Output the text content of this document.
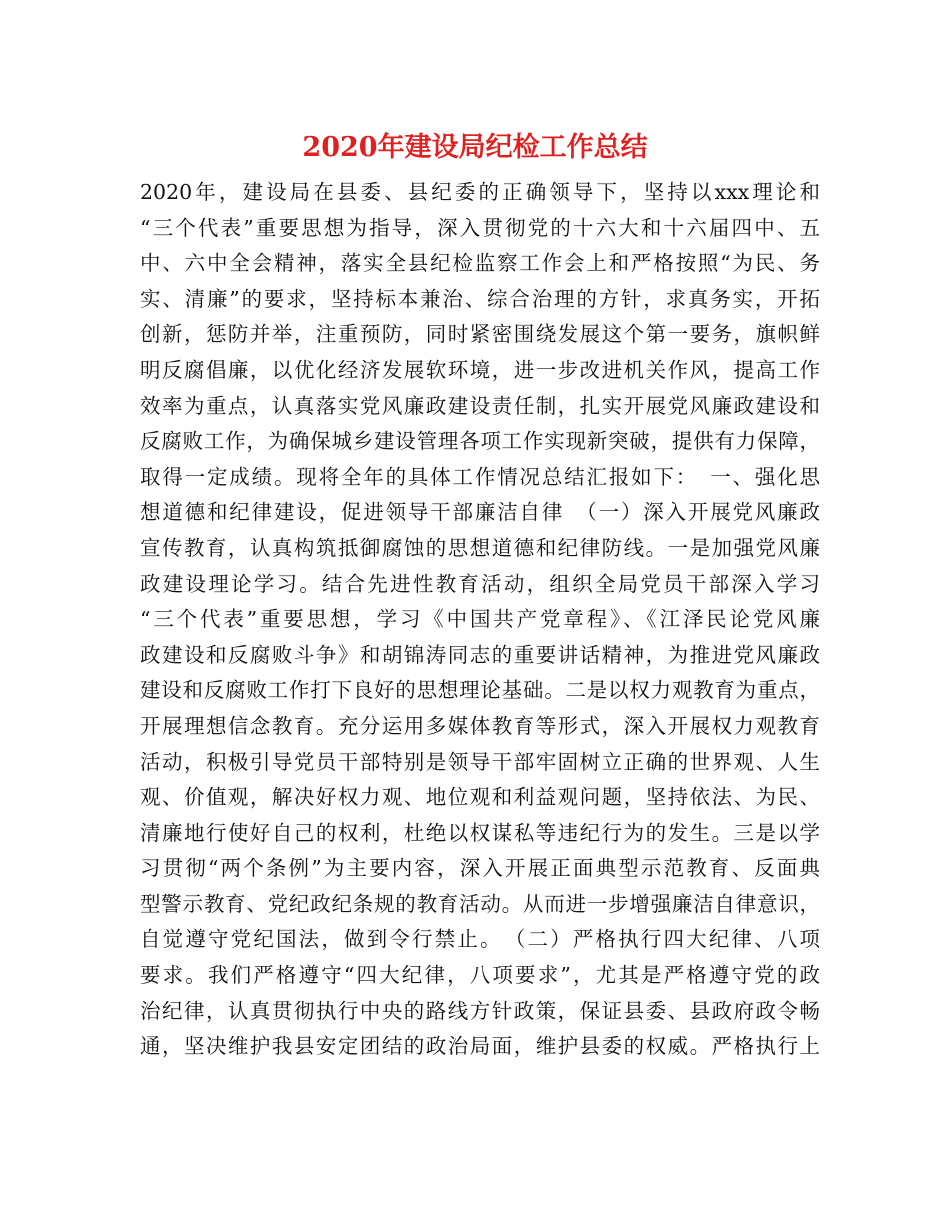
2020年建设局纪检工作总结
2020年，建设局在县委、县纪委的正确领导下，坚持以xxx理论和
“三个代表”重要思想为指导，深入贯彻党的十六大和十六届四中、五
中、六中全会精神，落实全县纪检监察工作会上和严格按照“为民、务
实、清廉”的要求，坚持标本兼治、综合治理的方针，求真务实，开拓
创新，惩防并举，注重预防，同时紧密围绕发展这个第一要务，旗帜鲜
明反腐倡廉，以优化经济发展软环境，进一步改进机关作风，提高工作
效率为重点，认真落实党风廉政建设责任制，扎实开展党风廉政建设和
反腐败工作，为确保城乡建设管理各项工作实现新突破，提供有力保障，
取得一定成绩。现将全年的具体工作情况总结汇报如下：　一、强化思
想道德和纪律建设，促进领导干部廉洁自律　（一）深入开展党风廉政
宣传教育，认真构筑抵御腐蚀的思想道德和纪律防线。一是加强党风廉
政建设理论学习。结合先进性教育活动，组织全局党员干部深入学习
“三个代表”重要思想，学习《中国共产党章程》、《江泽民论党风廉
政建设和反腐败斗争》和胡锦涛同志的重要讲话精神，为推进党风廉政
建设和反腐败工作打下良好的思想理论基础。二是以权力观教育为重点，
开展理想信念教育。充分运用多媒体教育等形式，深入开展权力观教育
活动，积极引导党员干部特别是领导干部牢固树立正确的世界观、人生
观、价值观，解决好权力观、地位观和利益观问题，坚持依法、为民、
清廉地行使好自己的权利，杜绝以权谋私等违纪行为的发生。三是以学
习贯彻“两个条例”为主要内容，深入开展正面典型示范教育、反面典
型警示教育、党纪政纪条规的教育活动。从而进一步增强廉洁自律意识，
自觉遵守党纪国法，做到令行禁止。　（二）严格执行四大纪律、八项
要求。我们严格遵守“四大纪律，八项要求”，尤其是严格遵守党的政
治纪律，认真贯彻执行中央的路线方针政策，保证县委、县政府政令畅
通，坚决维护我县安定团结的政治局面，维护县委的权威。严格执行上
